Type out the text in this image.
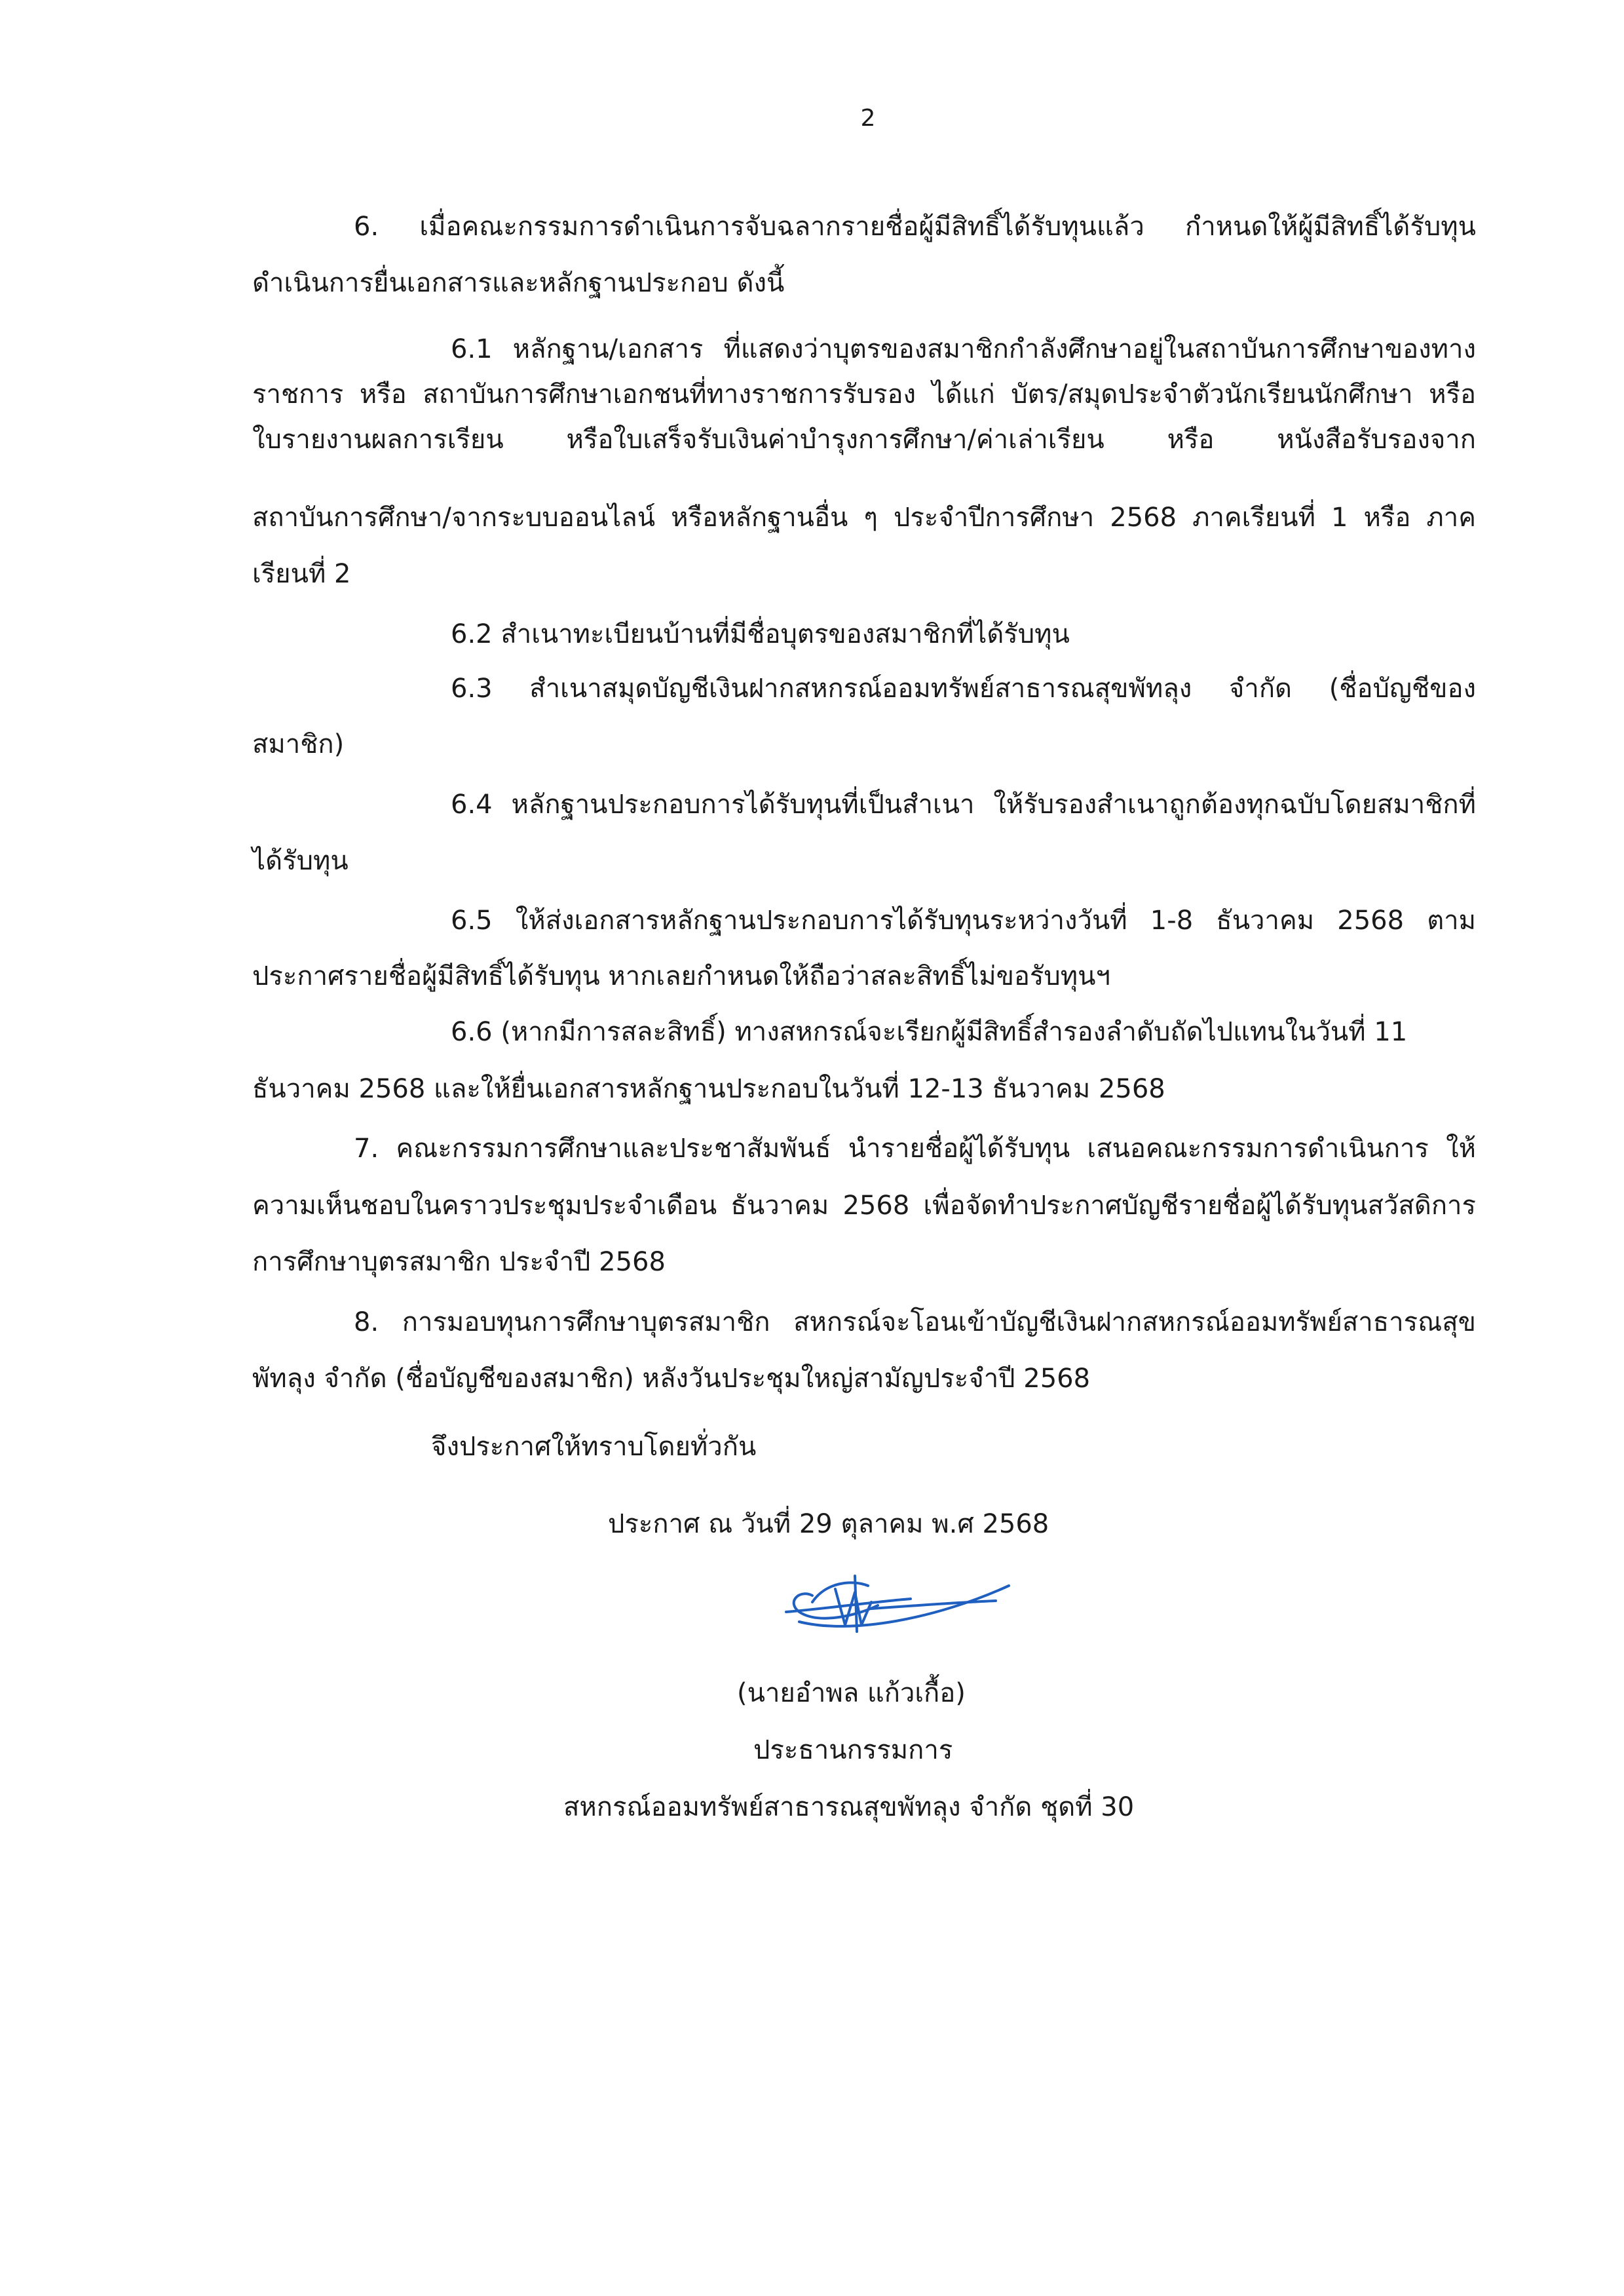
2
6. เมื่อคณะกรรมการดำเนินการจับฉลากรายชื่อผู้มีสิทธิ์ได้รับทุนแล้ว กำหนดให้ผู้มีสิทธิ์ได้รับทุน
ดำเนินการยื่นเอกสารและหลักฐานประกอบ ดังนี้
6.1 หลักฐาน/เอกสาร ที่แสดงว่าบุตรของสมาชิกกำลังศึกษาอยู่ในสถาบันการศึกษาของทาง
ราชการ หรือ สถาบันการศึกษาเอกชนที่ทางราชการรับรอง ได้แก่ บัตร/สมุดประจำตัวนักเรียนนักศึกษา หรือ
ใบรายงานผลการเรียน หรือใบเสร็จรับเงินค่าบำรุงการศึกษา/ค่าเล่าเรียน หรือ หนังสือรับรองจาก
สถาบันการศึกษา/จากระบบออนไลน์ หรือหลักฐานอื่น ๆ ประจำปีการศึกษา 2568 ภาคเรียนที่ 1 หรือ ภาค
เรียนที่ 2
6.2 สำเนาทะเบียนบ้านที่มีชื่อบุตรของสมาชิกที่ได้รับทุน
6.3 สำเนาสมุดบัญชีเงินฝากสหกรณ์ออมทรัพย์สาธารณสุขพัทลุง จำกัด (ชื่อบัญชีของ
สมาชิก)
6.4 หลักฐานประกอบการได้รับทุนที่เป็นสำเนา ให้รับรองสำเนาถูกต้องทุกฉบับโดยสมาชิกที่
ได้รับทุน
6.5 ให้ส่งเอกสารหลักฐานประกอบการได้รับทุนระหว่างวันที่ 1-8 ธันวาคม 2568 ตาม
ประกาศรายชื่อผู้มีสิทธิ์ได้รับทุน หากเลยกำหนดให้ถือว่าสละสิทธิ์ไม่ขอรับทุนฯ
6.6 (หากมีการสละสิทธิ์) ทางสหกรณ์จะเรียกผู้มีสิทธิ์สำรองลำดับถัดไปแทนในวันที่ 11
ธันวาคม 2568 และให้ยื่นเอกสารหลักฐานประกอบในวันที่ 12-13 ธันวาคม 2568
7. คณะกรรมการศึกษาและประชาสัมพันธ์ นำรายชื่อผู้ได้รับทุน เสนอคณะกรรมการดำเนินการ ให้
ความเห็นชอบในคราวประชุมประจำเดือน ธันวาคม 2568 เพื่อจัดทำประกาศบัญชีรายชื่อผู้ได้รับทุนสวัสดิการ
การศึกษาบุตรสมาชิก ประจำปี 2568
8. การมอบทุนการศึกษาบุตรสมาชิก สหกรณ์จะโอนเข้าบัญชีเงินฝากสหกรณ์ออมทรัพย์สาธารณสุข
พัทลุง จำกัด (ชื่อบัญชีของสมาชิก) หลังวันประชุมใหญ่สามัญประจำปี 2568
จึงประกาศให้ทราบโดยทั่วกัน
ประกาศ ณ วันที่ 29 ตุลาคม พ.ศ 2568
(นายอำพล แก้วเกื้อ)
ประธานกรรมการ
สหกรณ์ออมทรัพย์สาธารณสุขพัทลุง จำกัด ชุดที่ 30
